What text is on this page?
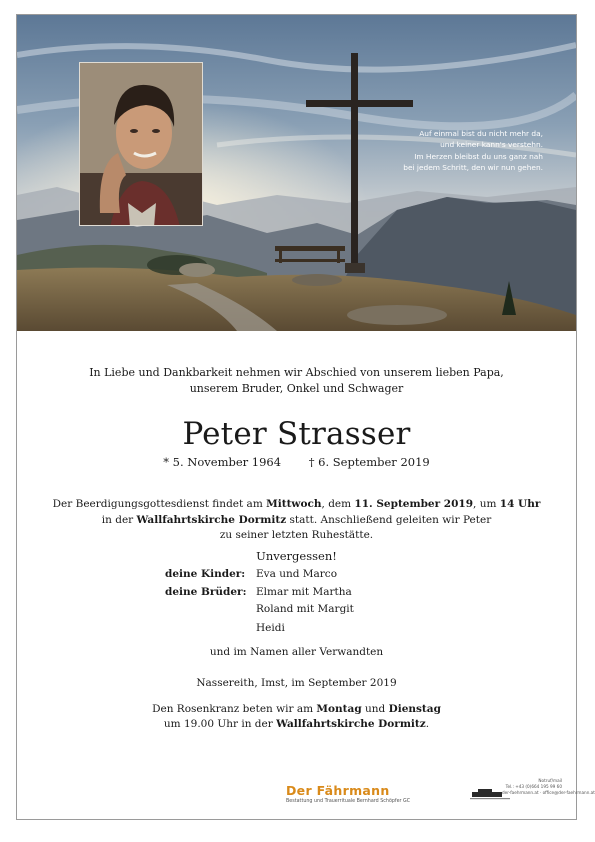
Auf einmal bist du nicht mehr da,
und keiner kann's verstehn.
Im Herzen bleibst du uns ganz nah
bei jedem Schritt, den wir nun gehen.
In Liebe und Dankbarkeit nehmen wir Abschied von unserem lieben Papa,
unserem Bruder, Onkel und Schwager
Peter Strasser
* 5. November 1964 † 6. September 2019
Der Beerdigungsgottesdienst findet am Mittwoch, dem 11. September 2019, um 14 Uhr
in der Wallfahrtskirche Dormitz statt. Anschließend geleiten wir Peter
zu seiner letzten Ruhestätte.
Unvergessen!
deine Kinder: Eva und Marco
deine Brüder: Elmar mit Martha
Roland mit Margit
Heidi
und im Namen aller Verwandten
Nassereith, Imst, im September 2019
Den Rosenkranz beten wir am Montag und Dienstag
um 19.00 Uhr in der Wallfahrtskirche Dormitz.
Der Fährmann
Bestattung und Trauerrituale Bernhard Schöpfer GC
Notruf/mail
Tel.: +43 (0)664 195 99 60
der-faehrmann.at · office@der-faehrmann.at
